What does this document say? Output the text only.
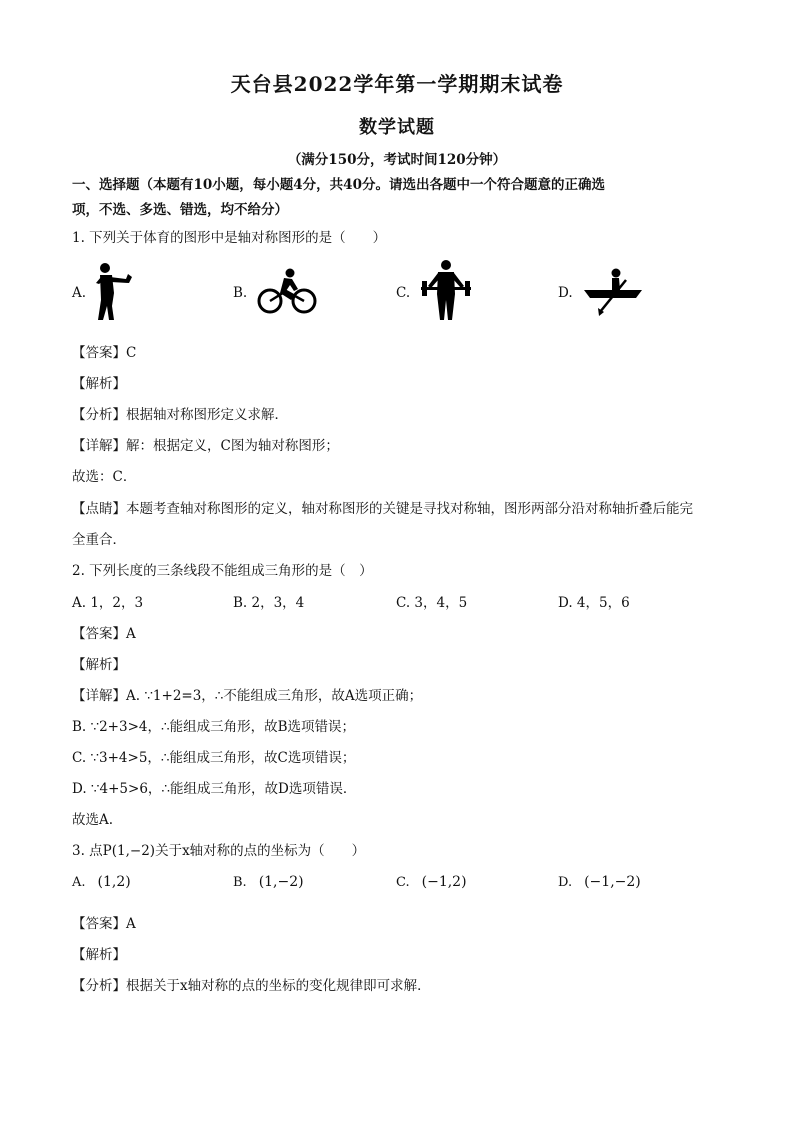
天台县2022学年第一学期期末试卷
数学试题
（满分150分，考试时间120分钟）
一、选择题（本题有10小题，每小题4分，共40分。请选出各题中一个符合题意的正确选
项，不选、多选、错选，均不给分）
1. 下列关于体育的图形中是轴对称图形的是（　　）
A.	B.	C.	D.
【答案】C
【解析】
【分析】根据轴对称图形定义求解．
【详解】解：根据定义，C图为轴对称图形；
故选：C．
【点睛】本题考查轴对称图形的定义，轴对称图形的关键是寻找对称轴，图形两部分沿对称轴折叠后能完
全重合．
2. 下列长度的三条线段不能组成三角形的是（　）
A. 1，2，3	B. 2，3，4	C. 3，4，5	D. 4，5，6
【答案】A
【解析】
【详解】A. ∵1+2=3，∴不能组成三角形，故A选项正确；
B. ∵2+3>4，∴能组成三角形，故B选项错误；
C. ∵3+4>5，∴能组成三角形，故C选项错误；
D. ∵4+5>6，∴能组成三角形，故D选项错误．
故选A.
3. 点P(1,−2)关于x轴对称的点的坐标为（　　）
A. (1,2)	B. (1,−2)	C. (−1,2)	D. (−1,−2)
【答案】A
【解析】
【分析】根据关于x轴对称的点的坐标的变化规律即可求解．
